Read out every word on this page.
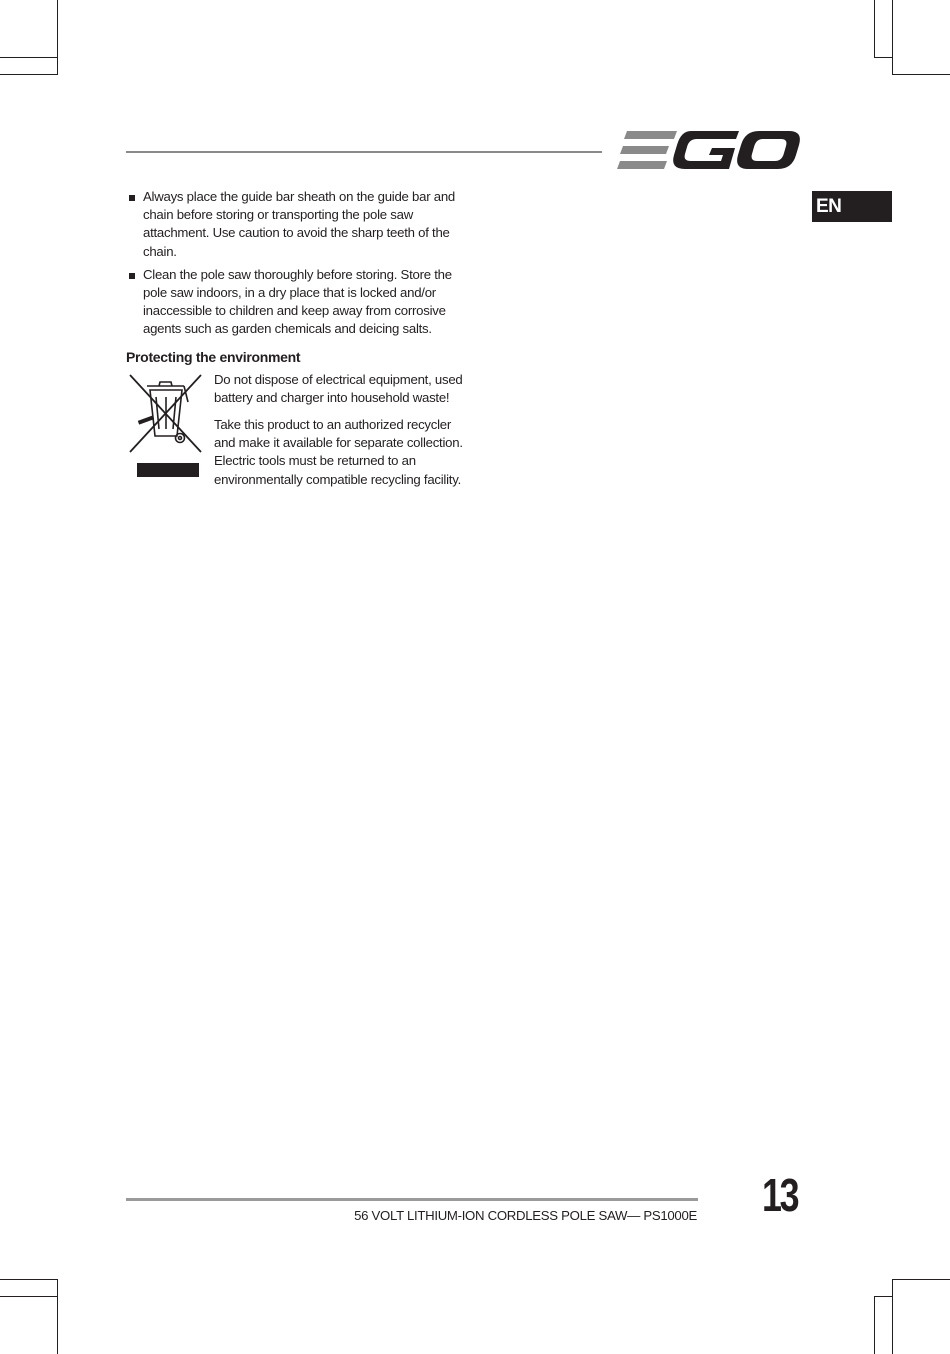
EN
Always place the guide bar sheath on the guide bar and chain before storing or transporting the pole saw attachment. Use caution to avoid the sharp teeth of the chain.
Clean the pole saw thoroughly before storing. Store the pole saw indoors, in a dry place that is locked and/or inaccessible to children and keep away from corrosive agents such as garden chemicals and deicing salts.
Protecting the environment

Do not dispose of electrical equipment, used battery and charger into household waste!

Take this product to an authorized recycler and make it available for separate collection. Electric tools must be returned to an environmentally compatible recycling facility.

56 VOLT LITHIUM-ION CORDLESS POLE SAW— PS1000E 13
